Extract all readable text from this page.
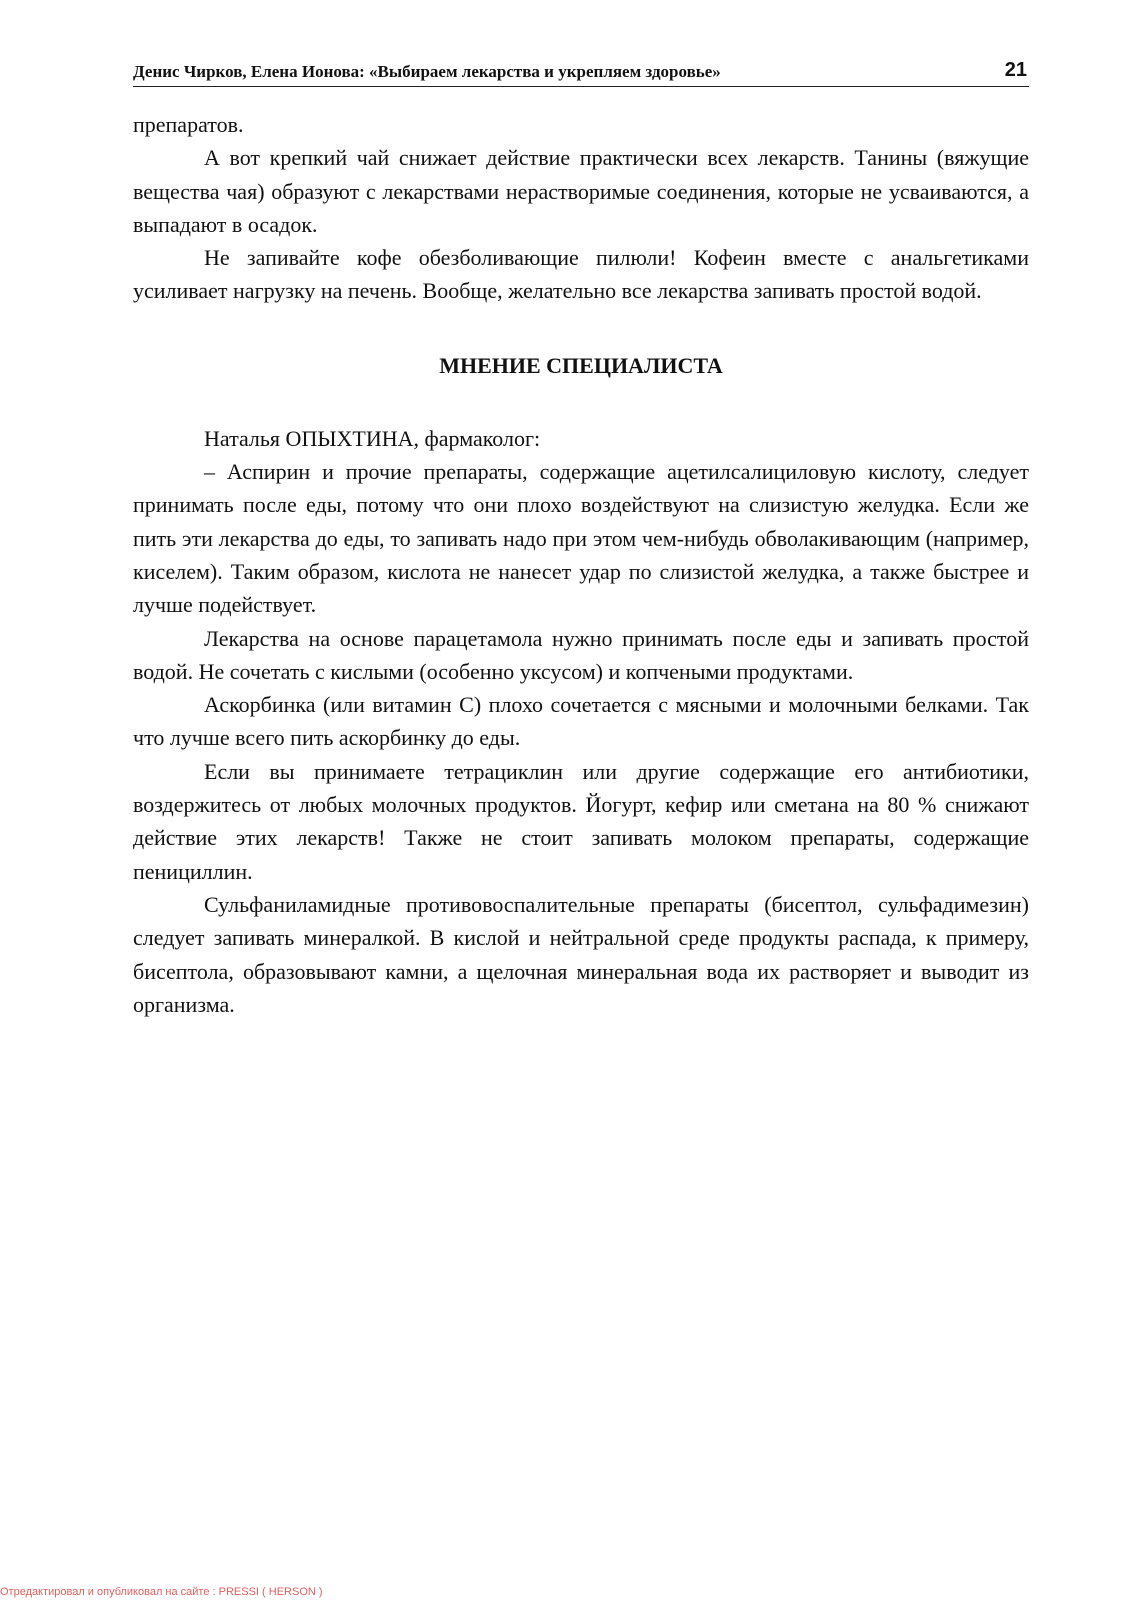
Денис Чирков, Елена Ионова: «Выбираем лекарства и укрепляем здоровье»	21

препаратов.

А вот крепкий чай снижает действие практически всех лекарств. Танины (вяжущие вещества чая) образуют с лекарствами нерастворимые соединения, которые не усваиваются, а выпадают в осадок.

Не запивайте кофе обезболивающие пилюли! Кофеин вместе с анальгетиками усиливает нагрузку на печень. Вообще, желательно все лекарства запивать простой водой.

МНЕНИЕ СПЕЦИАЛИСТА

Наталья ОПЫХТИНА, фармаколог:

– Аспирин и прочие препараты, содержащие ацетилсалициловую кислоту, следует принимать после еды, потому что они плохо воздействуют на слизистую желудка. Если же пить эти лекарства до еды, то запивать надо при этом чем-нибудь обволакивающим (например, киселем). Таким образом, кислота не нанесет удар по слизистой желудка, а также быстрее и лучше подействует.

Лекарства на основе парацетамола нужно принимать после еды и запивать простой водой. Не сочетать с кислыми (особенно уксусом) и копчеными продуктами.

Аскорбинка (или витамин С) плохо сочетается с мясными и молочными белками. Так что лучше всего пить аскорбинку до еды.

Если вы принимаете тетрациклин или другие содержащие его антибиотики, воздержитесь от любых молочных продуктов. Йогурт, кефир или сметана на 80 % снижают действие этих лекарств! Также не стоит запивать молоком препараты, содержащие пенициллин.

Сульфаниламидные противовоспалительные препараты (бисептол, сульфадимезин) следует запивать минералкой. В кислой и нейтральной среде продукты распада, к примеру, бисептола, образовывают камни, а щелочная минеральная вода их растворяет и выводит из организма.

Отредактировал и опубликовал на сайте : PRESSI ( HERSON )
